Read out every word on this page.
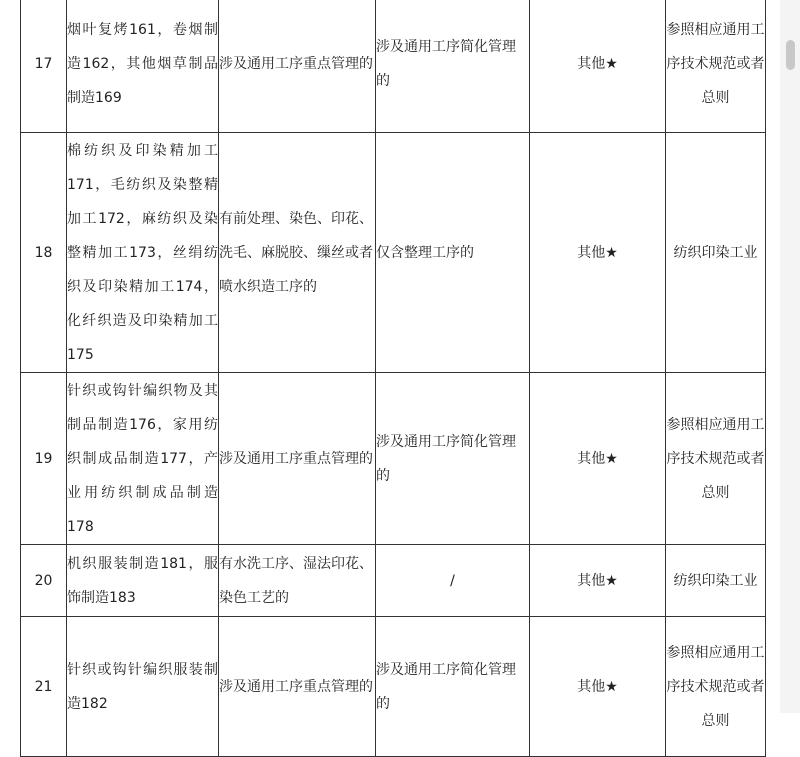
17	烟叶复烤161，卷烟制造162，其他烟草制品制造169	涉及通用工序重点管理的	涉及通用工序简化管理的	其他★	参照相应通用工序技术规范或者总则
18	棉纺织及印染精加工171，毛纺织及染整精加工172，麻纺织及染整精加工173，丝绢纺织及印染精加工174，化纤织造及印染精加工175	有前处理、染色、印花、洗毛、麻脱胶、缫丝或者喷水织造工序的	仅含整理工序的	其他★	纺织印染工业
19	针织或钩针编织物及其制品制造176，家用纺织制成品制造177，产业用纺织制成品制造178	涉及通用工序重点管理的	涉及通用工序简化管理的	其他★	参照相应通用工序技术规范或者总则
20	机织服装制造181，服饰制造183	有水洗工序、湿法印花、染色工艺的	/	其他★	纺织印染工业
21	针织或钩针编织服装制造182	涉及通用工序重点管理的	涉及通用工序简化管理的	其他★	参照相应通用工序技术规范或者总则
